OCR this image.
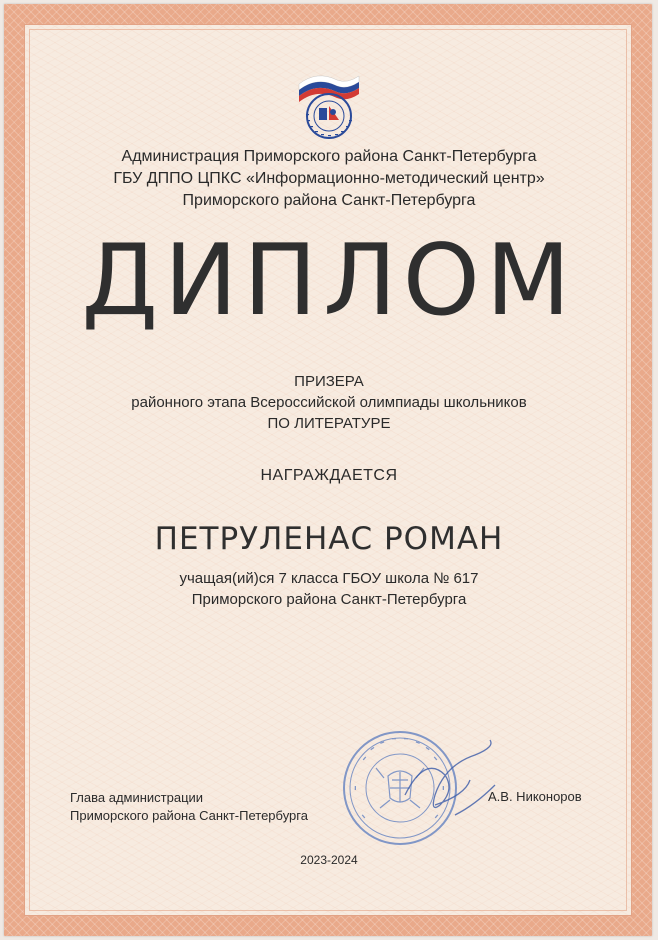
Администрация Приморского района Санкт-Петербурга
ГБУ ДППО ЦПКС «Информационно-методический центр»
Приморского района Санкт-Петербурга
ДИПЛОМ
ПРИЗЕРА
районного этапа Всероссийской олимпиады школьников
ПО ЛИТЕРАТУРЕ
НАГРАЖДАЕТСЯ
ПЕТРУЛЕНАС РОМАН
учащая(ий)ся 7 класса ГБОУ школа № 617
Приморского района Санкт-Петербурга
Глава администрации
Приморского района Санкт-Петербурга
А.В. Никоноров
2023-2024
